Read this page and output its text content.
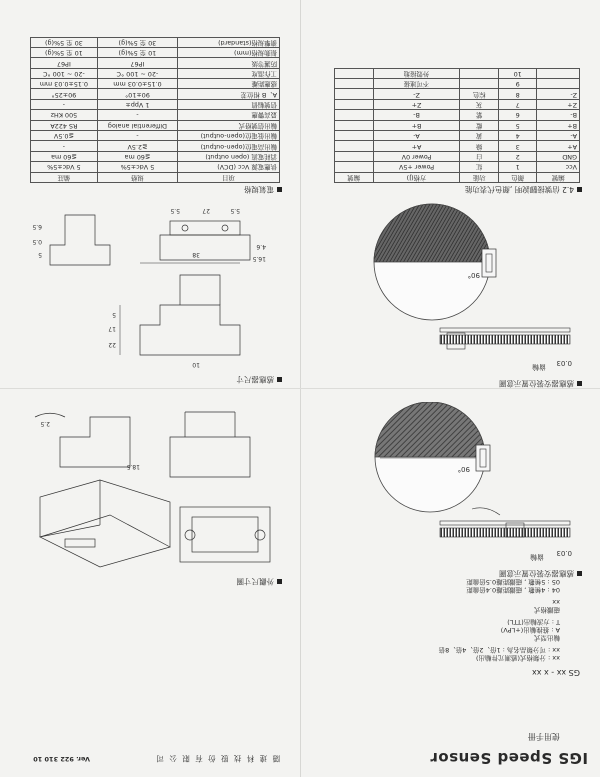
IGS Speed Sensor
使用手冊
GS xx - x xx
xx : 分類格式(感測元件輸出)
xx : 可分類品名為 : 1倍、2倍、4倍、8倍
輸出型式
A : 推挽輸出(+LPV)
T : 方波輸出(TTL)
磁鐵格式
xx
04 : 4極數 , 磁鐵距離0.4倍齒距
05 : 5極數 , 磁鐵距離0.5倍齒距
感應器安裝位置示意圖
0.03
齒輪
90°
感應器安裝位置示意圖
0.03
齒輪
90°
4.2 信號接腳說明 ,顏色代表功能
編號	顏色	功能	方格(J)	編號
Vcc	1	紅	Power +5V	
GND	2	白	Power 0V	
A+	3	綠	A+	
A-	4	黃	A-	
B+	5	藍	B+	
B-	6	紫	B-	
Z+	7	灰	Z+	
Z-	8	棕色	Z-	
	9		不可連接	
	10		外殼接地	
隱 達 科 技 股 份 有 限 公 司
Ver. 922 310 10
外觀尺寸圖
18.5
2.5
感應器尺寸
10
22
17
5
38
16.5
4.6
5.5
27
5.5
5
0.5
6.5
電氣規格
項目	規格	備註
供應電源 Vcc (DCV)	5 Vdc±5%	5 Vdc±5%
消耗電流 (open output)	≦60 ma	≦60 ma
輸出高電位(open-output)	≧2.5V	-
輸出低電位(open-output)	-	≦0.5V
輸出信號格式	Differential analog	RS 422A
最高響應	-	500 KHz
信號幅值	1 Vpp±	-
A、B 相位差	90±10°	90±25°
感應距離	0.15±0.03 mm	0.15±0.03 mm
工作溫度	-20 ~ 100 °C	-20 ~ 100 °C
防護等級	IP67	IP67
振動規格(mm)	10 至 5%(g)	10 至 5%(g)
衝擊規格(standard)	30 至 5%(g)	30 至 5%(g)
